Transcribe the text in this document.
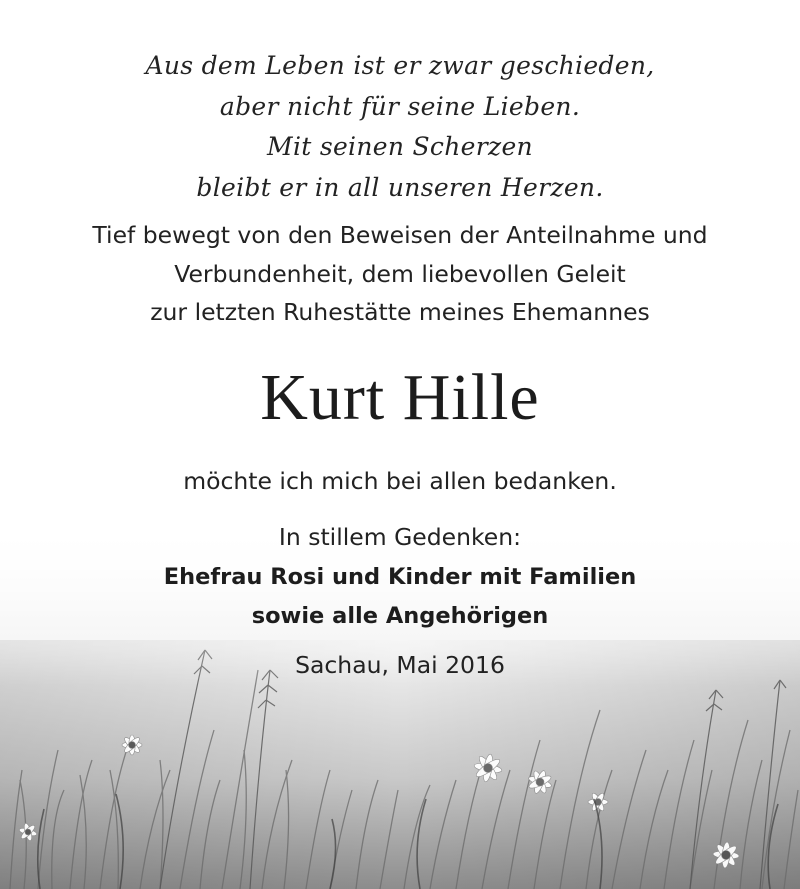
Aus dem Leben ist er zwar geschieden,
aber nicht für seine Lieben.
Mit seinen Scherzen
bleibt er in all unseren Herzen.
Tief bewegt von den Beweisen der Anteilnahme und
Verbundenheit, dem liebevollen Geleit
zur letzten Ruhestätte meines Ehemannes
Kurt Hille
möchte ich mich bei allen bedanken.
In stillem Gedenken:
Ehefrau Rosi und Kinder mit Familien
sowie alle Angehörigen
Sachau, Mai 2016
